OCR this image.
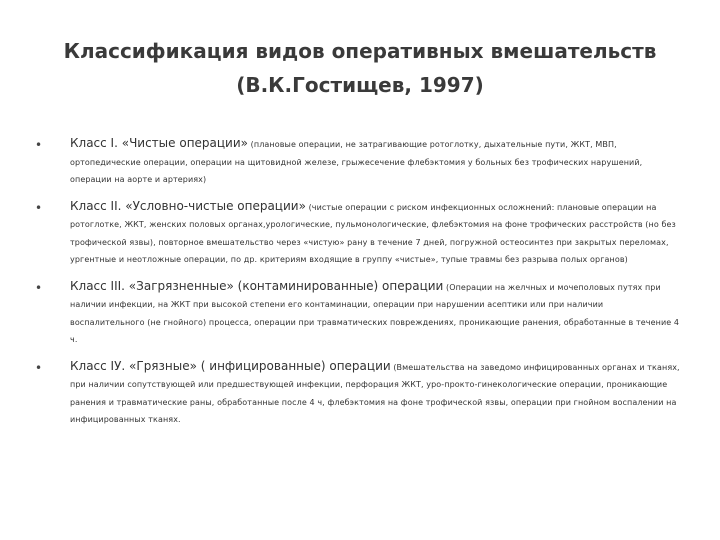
Классификация видов оперативных вмешательств
(В.К.Гостищев, 1997)
• Класс I. «Чистые операции» (плановые операции, не затрагивающие ротоглотку, дыхательные пути, ЖКТ, МВП, ортопедические операции, операции на щитовидной железе, грыжесечение флебэктомия у больных без трофических нарушений, операции на аорте и артериях)
• Класс II. «Условно-чистые операции» (чистые операции с риском инфекционных осложнений: плановые операции на ротоглотке, ЖКТ, женских половых органах,урологические, пульмонологические, флебэктомия на фоне трофических расстройств (но без трофической язвы), повторное вмешательство через «чистую» рану в течение 7 дней, погружной остеосинтез при закрытых переломах, ургентные и неотложные операции, по др. критериям входящие в группу «чистые», тупые травмы без разрыва полых органов)
• Класс III. «Загрязненные» (контаминированные) операции (Операции на желчных и мочеполовых путях при наличии инфекции, на ЖКТ при высокой степени его контаминации, операции при нарушении асептики или при наличии воспалительного (не гнойного) процесса, операции при травматических повреждениях, проникающие ранения, обработанные в течение 4 ч.
• Класс IУ. «Грязные» ( инфицированные) операции (Вмешательства на заведомо инфицированных органах и тканях, при наличии сопутствующей или предшествующей инфекции, перфорация ЖКТ, уро-прокто-гинекологические операции, проникающие ранения и травматические раны, обработанные после 4 ч, флебэктомия на фоне трофической язвы, операции при гнойном воспалении на инфицированных тканях.
